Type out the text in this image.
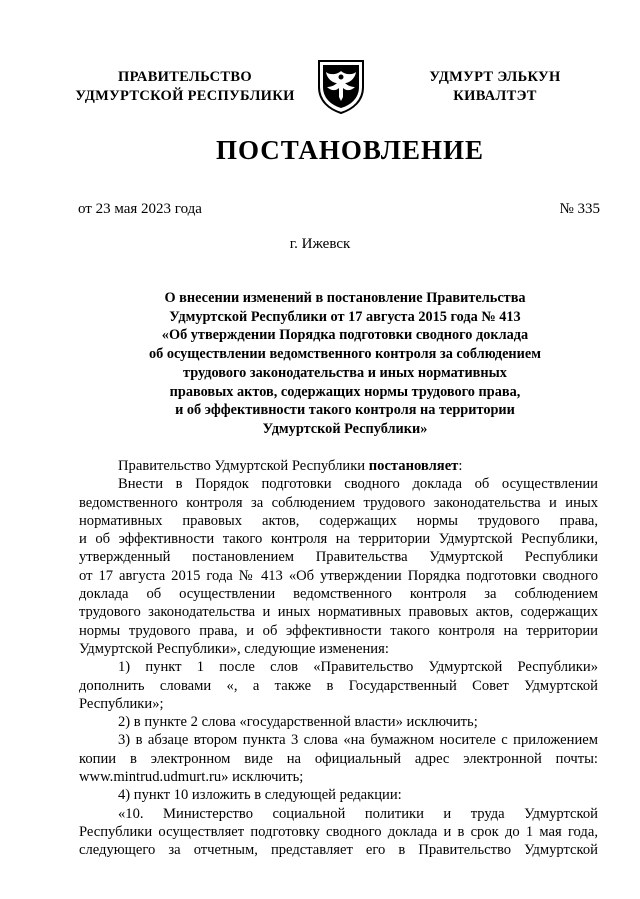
ПРАВИТЕЛЬСТВО
УДМУРТСКОЙ РЕСПУБЛИКИ
УДМУРТ ЭЛЬКУН
КИВАЛТЭТ
ПОСТАНОВЛЕНИЕ
от 23 мая 2023 года	№ 335
г. Ижевск
О внесении изменений в постановление Правительства
Удмуртской Республики от 17 августа 2015 года № 413
«Об утверждении Порядка подготовки сводного доклада
об осуществлении ведомственного контроля за соблюдением
трудового законодательства и иных нормативных
правовых актов, содержащих нормы трудового права,
и об эффективности такого контроля на территории
Удмуртской Республики»
Правительство Удмуртской Республики постановляет:
Внести в Порядок подготовки сводного доклада об осуществлении
ведомственного контроля за соблюдением трудового законодательства и иных
нормативных правовых актов, содержащих нормы трудового права,
и об эффективности такого контроля на территории Удмуртской Республики,
утвержденный постановлением Правительства Удмуртской Республики
от 17 августа 2015 года № 413 «Об утверждении Порядка подготовки сводного
доклада об осуществлении ведомственного контроля за соблюдением
трудового законодательства и иных нормативных правовых актов, содержащих
нормы трудового права, и об эффективности такого контроля на территории
Удмуртской Республики», следующие изменения:
1) пункт 1 после слов «Правительство Удмуртской Республики»
дополнить словами «, а также в Государственный Совет Удмуртской
Республики»;
2) в пункте 2 слова «государственной власти» исключить;
3) в абзаце втором пункта 3 слова «на бумажном носителе с приложением
копии в электронном виде на официальный адрес электронной почты:
www.mintrud.udmurt.ru» исключить;
4) пункт 10 изложить в следующей редакции:
«10. Министерство социальной политики и труда Удмуртской
Республики осуществляет подготовку сводного доклада и в срок до 1 мая года,
следующего за отчетным, представляет его в Правительство Удмуртской
